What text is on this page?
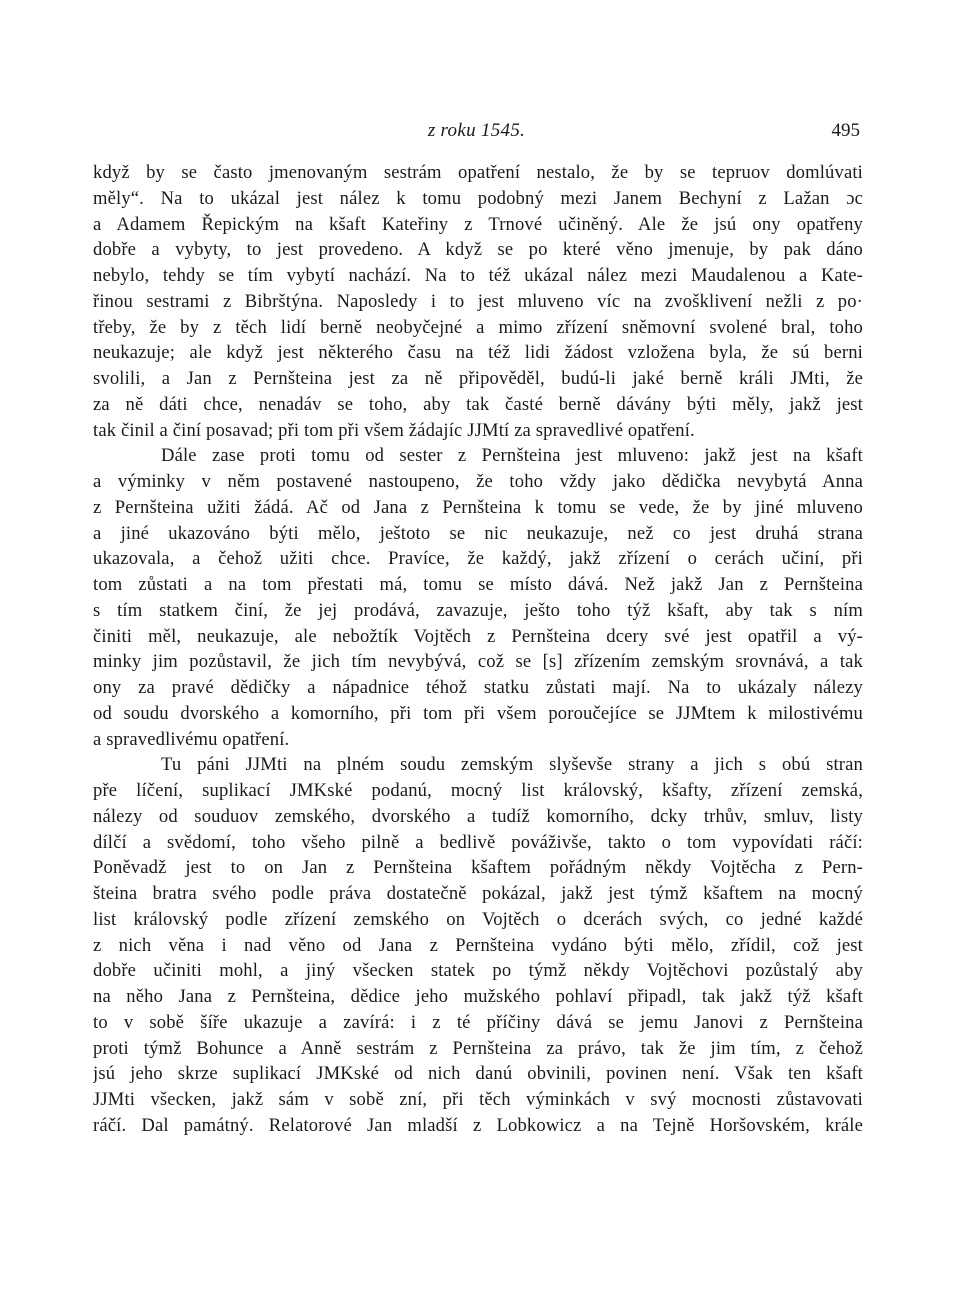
z roku 1545.	495
když by se často jmenovaným sestrám opatření nestalo, že by se tepruov domlúvati
měly“. Na to ukázal jest nález k tomu podobný mezi Janem Bechyní z Lažan ɔc
a Adamem Řepickým na kšaft Kateřiny z Trnové učiněný. Ale že jsú ony opatřeny
dobře a vybyty, to jest provedeno. A když se po které věno jmenuje, by pak dáno
nebylo, tehdy se tím vybytí nachází. Na to též ukázal nález mezi Maudalenou a Kate-
řinou sestrami z Bibrštýna. Naposledy i to jest mluveno víc na zvošklivení nežli z po·
třeby, že by z těch lidí berně neobyčejné a mimo zřízení sněmovní svolené bral, toho
neukazuje; ale když jest některého času na též lidi žádost vzložena byla, že sú berni
svolili, a Jan z Pernšteina jest za ně připověděl, budú-li jaké berně králi JMti, že
za ně dáti chce, nenadáv se toho, aby tak časté berně dávány býti měly, jakž jest
tak činil a činí posavad; při tom při všem žádajíc JJMtí za spravedlivé opatření.
Dále zase proti tomu od sester z Pernšteina jest mluveno: jakž jest na kšaft
a výminky v něm postavené nastoupeno, že toho vždy jako dědička nevybytá Anna
z Pernšteina užiti žádá. Ač od Jana z Pernšteina k tomu se vede, že by jiné mluveno
a jiné ukazováno býti mělo, ještoto se nic neukazuje, než co jest druhá strana
ukazovala, a čehož užiti chce. Pravíce, že každý, jakž zřízení o cerách učiní, při
tom zůstati a na tom přestati má, tomu se místo dává. Než jakž Jan z Pernšteina
s tím statkem činí, že jej prodává, zavazuje, ješto toho týž kšaft, aby tak s ním
činiti měl, neukazuje, ale nebožtík Vojtěch z Pernšteina dcery své jest opatřil a vý-
minky jim pozůstavil, že jich tím nevybývá, což se [s] zřízením zemským srovnává, a tak
ony za pravé dědičky a nápadnice téhož statku zůstati mají. Na to ukázaly nálezy
od soudu dvorského a komorního, při tom při všem poroučejíce se JJMtem k milostivému
a spravedlivému opatření.
Tu páni JJMti na plném soudu zemským slyševše strany a jich s obú stran
pře líčení, suplikací JMKské podanú, mocný list královský, kšafty, zřízení zemská,
nálezy od souduov zemského, dvorského a tudíž komorního, dcky trhův, smluv, listy
dílčí a svědomí, toho všeho pilně a bedlivě pováživše, takto o tom vypovídati ráčí:
Poněvadž jest to on Jan z Pernšteina kšaftem pořádným někdy Vojtěcha z Pern-
šteina bratra svého podle práva dostatečně pokázal, jakž jest týmž kšaftem na mocný
list královský podle zřízení zemského on Vojtěch o dcerách svých, co jedné každé
z nich věna i nad věno od Jana z Pernšteina vydáno býti mělo, zřídil, což jest
dobře učiniti mohl, a jiný všecken statek po týmž někdy Vojtěchovi pozůstalý aby
na něho Jana z Pernšteina, dědice jeho mužského pohlaví připadl, tak jakž týž kšaft
to v sobě šíře ukazuje a zavírá: i z té příčiny dává se jemu Janovi z Pernšteina
proti týmž Bohunce a Anně sestrám z Pernšteina za právo, tak že jim tím, z čehož
jsú jeho skrze suplikací JMKské od nich danú obvinili, povinen není. Však ten kšaft
JJMti všecken, jakž sám v sobě zní, při těch výminkách v svý mocnosti zůstavovati
ráčí. Dal památný. Relatorové Jan mladší z Lobkowicz a na Tejně Horšovském, krále
